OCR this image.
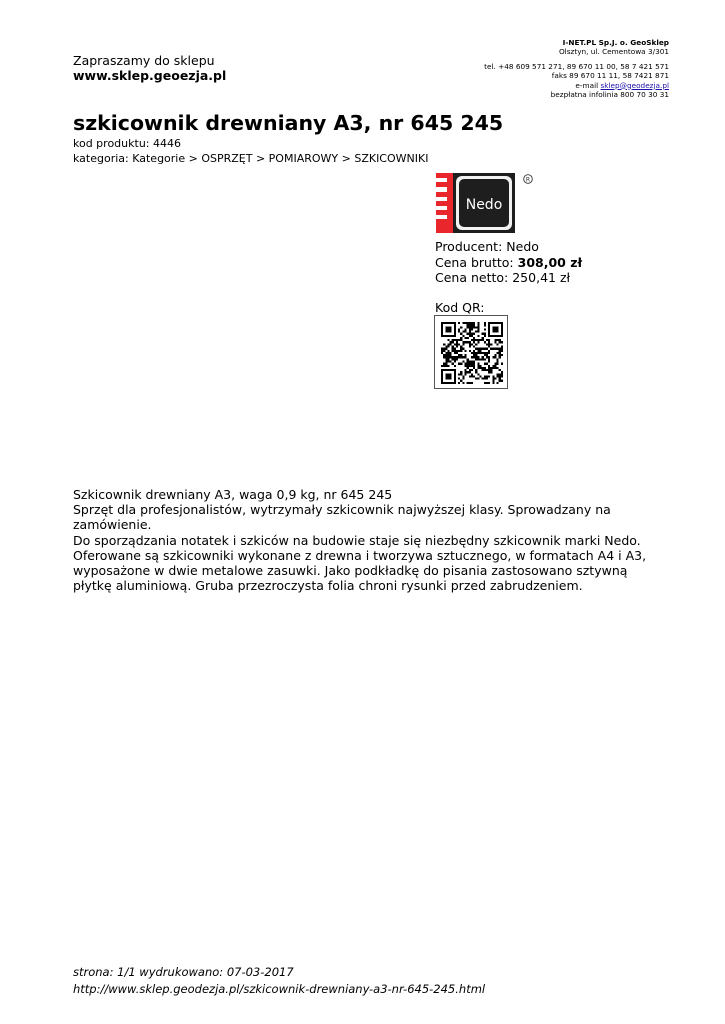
Zapraszamy do sklepu
www.sklep.geoezja.pl
I-NET.PL Sp.J. o. GeoSklep
Olsztyn, ul. Cementowa 3/301
tel. +48 609 571 271, 89 670 11 00, 58 7 421 571
faks 89 670 11 11, 58 7421 871
e-mail sklep@geodezja.pl
bezpłatna infolinia 800 70 30 31
szkicownik drewniany A3, nr 645 245
kod produktu: 4446
kategoria: Kategorie > OSPRZĘT > POMIAROWY > SZKICOWNIKI
Nedo
R
Producent: Nedo
Cena brutto: 308,00 zł
Cena netto: 250,41 zł
Kod QR:

Szkicownik drewniany A3, waga 0,9 kg, nr 645 245

Sprzęt dla profesjonalistów, wytrzymały szkicownik najwyższej klasy. Sprowadzany na zamówienie.

Do sporządzania notatek i szkiców na budowie staje się niezbędny szkicownik marki Nedo. Oferowane są szkicowniki wykonane z drewna i tworzywa sztucznego, w formatach A4 i A3, wyposażone w dwie metalowe zasuwki. Jako podkładkę do pisania zastosowano sztywną płytkę aluminiową. Gruba przezroczysta folia chroni rysunki przed zabrudzeniem.

strona: 1/1 wydrukowano: 07-03-2017
http://www.sklep.geodezja.pl/szkicownik-drewniany-a3-nr-645-245.html
